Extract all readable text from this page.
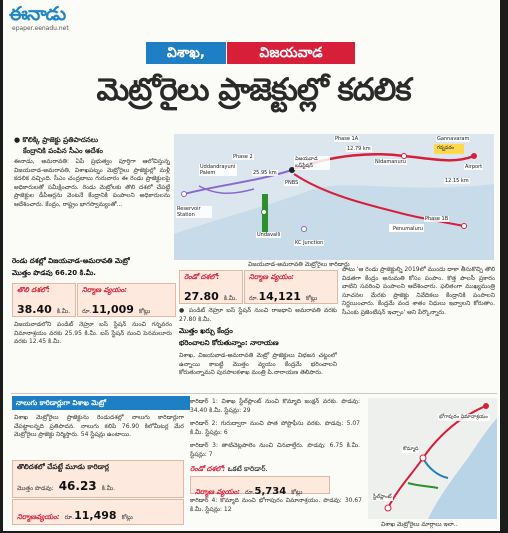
ఈనాడు
epaper.eenadu.net
విశాఖ,	విజయవాడ
మెట్రోరైలు ప్రాజెక్టుల్లో కదలిక
● కొలిక్కి ప్రాజెక్టు ప్రతిపాదనలు
కేంద్రానికి పంపిన సీఎం ఆదేశం
ఈనాడు, అమరావతి: ఏపీ ప్రభుత్వం పూర్తిగా ఆలోచిస్తున్న విజయవాడ-అమరావతి, విశాఖపట్నం మెట్రోరైలు ప్రాజెక్టుల్లో మళ్లీ కదలిక వచ్చింది. సీఎం చంద్రబాబు గురువారం ఈ రెండు ప్రాజెక్టులపై అధికారులతో సమీక్షించారు. రెండు మెట్రోలకు తొలి దశలో చేపట్టే ప్రాజెక్టుల డీపీఆర్లను వెంటనే కేంద్రానికి పంపాలని అధికారులను ఆదేశించారు. కేంద్రం, రాష్ట్రం భాగస్వామ్యంతో...
రెండు దశల్లో విజయవాడ-అమరావతి మెట్రో
మొత్తం పొడవు 66.20 కి.మీ.
తొలి దశలో:
38.40 కి.మీ.
నిర్మాణ వ్యయం:
రూ.11,009 కోట్లు
విజయవాడలోని పండిట్ నెహ్రూ బస్ స్టేషన్ నుంచి గన్నవరం విమానాశ్రయం వరకు 25.95 కి.మీ. బస్ స్టేషన్ నుంచి పెనమలూరు వరకు 12.45 కి.మీ.
Gannavaram
గన్నవరం
Airport
Nidamanuru
12.79 km
Phase 1A
Phase 1B
Phase 2
Uddandrayuni Palem
Reservoir Station
Undavalli
KC Junction
PNBS
Penumaluru
విజయవాడ బస్‌స్టేషన్
25.95 km
12.15 km
విజయవాడ-అమరావతి మెట్రోరైలు కారిడార్లు
రెండో దశలో:
27.80 కి.మీ.
నిర్మాణ వ్యయం:
రూ.14,121 కోట్లు
● పండిట్ నెహ్రూ బస్ స్టేషన్ నుంచి రాజధాని అమరావతి వరకు 27.80 కి.మీ.
మొత్తం ఖర్చు కేంద్రం
భరించాలని కోరుతున్నాం: నారాయణ
విశాఖ, విజయవాడ-అమరావతి మెట్రో ప్రాజెక్టులు విభజన చట్టంలో ఉన్నాయి కాబట్టి మొత్తం వ్యయం కేంద్రమే భరించాలని కోరుతున్నామని పురపాలకశాఖ మంత్రి పి.నారాయణ తెలిపారు.
పాటు 'ఆ రెండు ప్రాజెక్టుల్ని 2019లో ముందు దాకా తీసుకొచ్చి తొలి విడతగా కేంద్రం అనుమతి కోసం పంపాం. కొత్త పాలసీ ప్రకారం వాటిని సవరించి పంపాలని ఆదేశించారు. ఫలితంగా ముఖ్యమంత్రి సూచనల మేరకు ప్రాజెక్టు నివేదికలు కేంద్రానికి పంపాలని నిర్ణయించారు. కేంద్రమే వంద శాతం నిధులు ఇవ్వాలని కోరుతాం. సీఎంకు ప్రజెంటేషన్ ఇచ్చాం' అని పేర్కొన్నారు.
నాలుగు కారిడార్లుగా విశాఖ మెట్రో
విశాఖ మెట్రోరైలు ప్రాజెక్టును రెండుదశల్లో నాలుగు కారిడార్లుగా చేపట్టాలన్నది ప్రతిపాదన. నాలుగు కలిపి 76.90 కిలోమీటర్ల మేర మెట్రోరైలు ప్రాజెక్టు నిర్మిస్తారు. 54 స్టేషన్లు ఉంటాయి.
తొలిదశలో చేపట్టే మూడు కారిడార్ల
మొత్తం పొడవు: 46.23 కి.మీ.
నిర్మాణవ్యయం: రూ.11,498 కోట్లు
కారిడార్ 1: విశాఖ స్టీల్‌ప్లాంట్ నుంచి కొమ్మాది జంక్షన్ వరకు. పొడవు: 34.40 కి.మీ. స్టేషన్లు: 29
కారిడార్ 2: గురుద్వారా నుంచి పాత పోస్టాఫీసు వరకు. పొడవు: 5.07 కి.మీ. స్టేషన్లు: 6
కారిడార్ 3: తాటిచెట్లపాలెం నుంచి చినవాల్తేరు. పొడవు: 6.75 కి.మీ. స్టేషన్లు: 7
రెండో దశలో: ఒకటే కారిడార్.
నిర్మాణ వ్యయం: రూ.5,734 కోట్లు
కారిడార్ 4: కొమ్మాది నుంచి భోగాపురం విమానాశ్రయం. పొడవు: 30.67 కి.మీ. స్టేషన్లు: 12
భోగాపురం విమానాశ్రయం
కొమ్మాది
స్టీల్‌ప్లాంట్
విశాఖ మెట్రోరైలు మార్గాలు ఇలా..
